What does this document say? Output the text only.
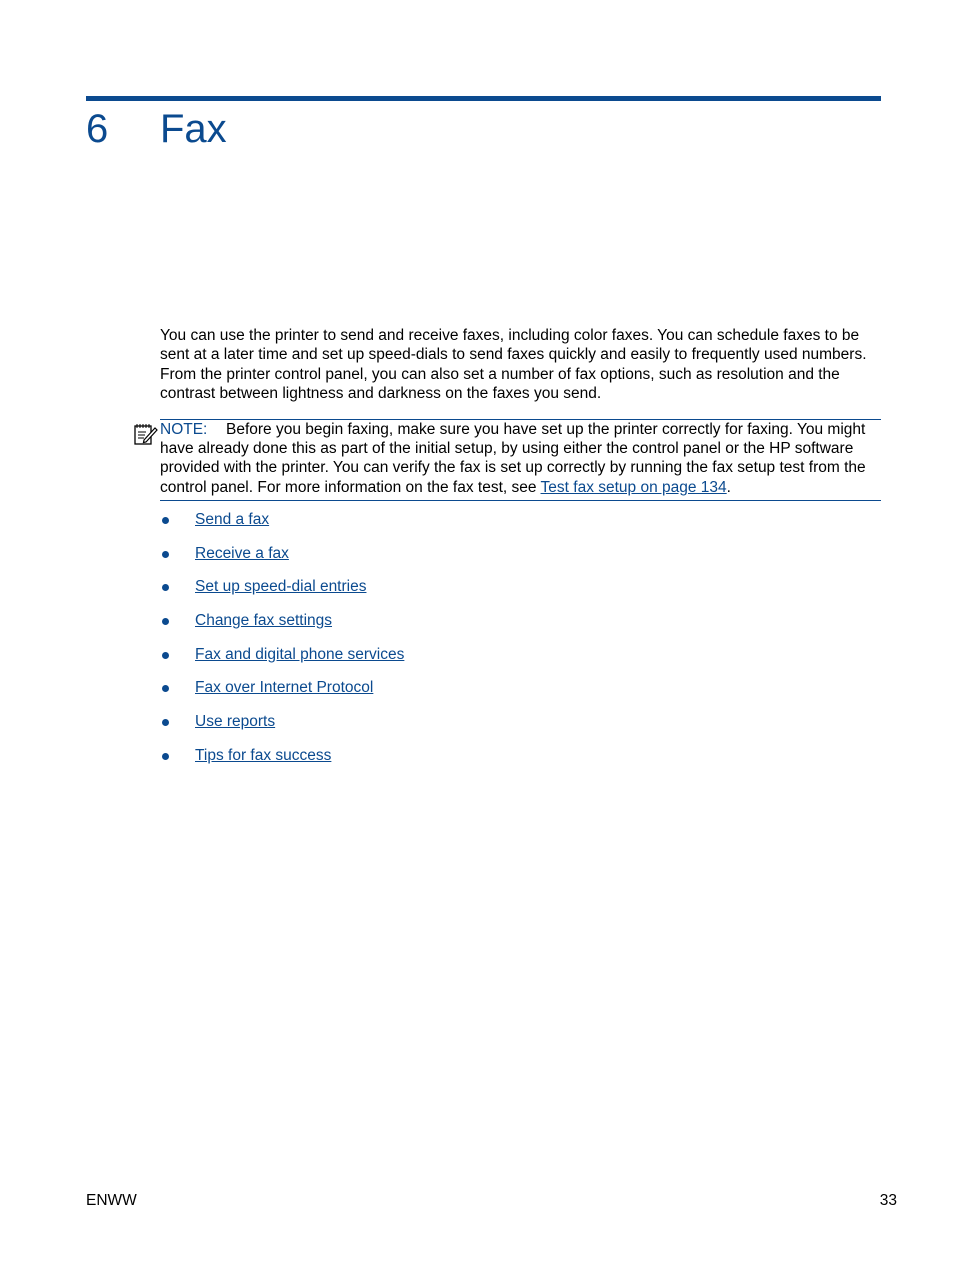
6 Fax

You can use the printer to send and receive faxes, including color faxes. You can schedule faxes to be sent at a later time and set up speed-dials to send faxes quickly and easily to frequently used numbers. From the printer control panel, you can also set a number of fax options, such as resolution and the contrast between lightness and darkness on the faxes you send.

NOTE: Before you begin faxing, make sure you have set up the printer correctly for faxing. You might have already done this as part of the initial setup, by using either the control panel or the HP software provided with the printer. You can verify the fax is set up correctly by running the fax setup test from the control panel. For more information on the fax test, see Test fax setup on page 134.
Send a fax
Receive a fax
Set up speed-dial entries
Change fax settings
Fax and digital phone services
Fax over Internet Protocol
Use reports
Tips for fax success
ENWW	33
